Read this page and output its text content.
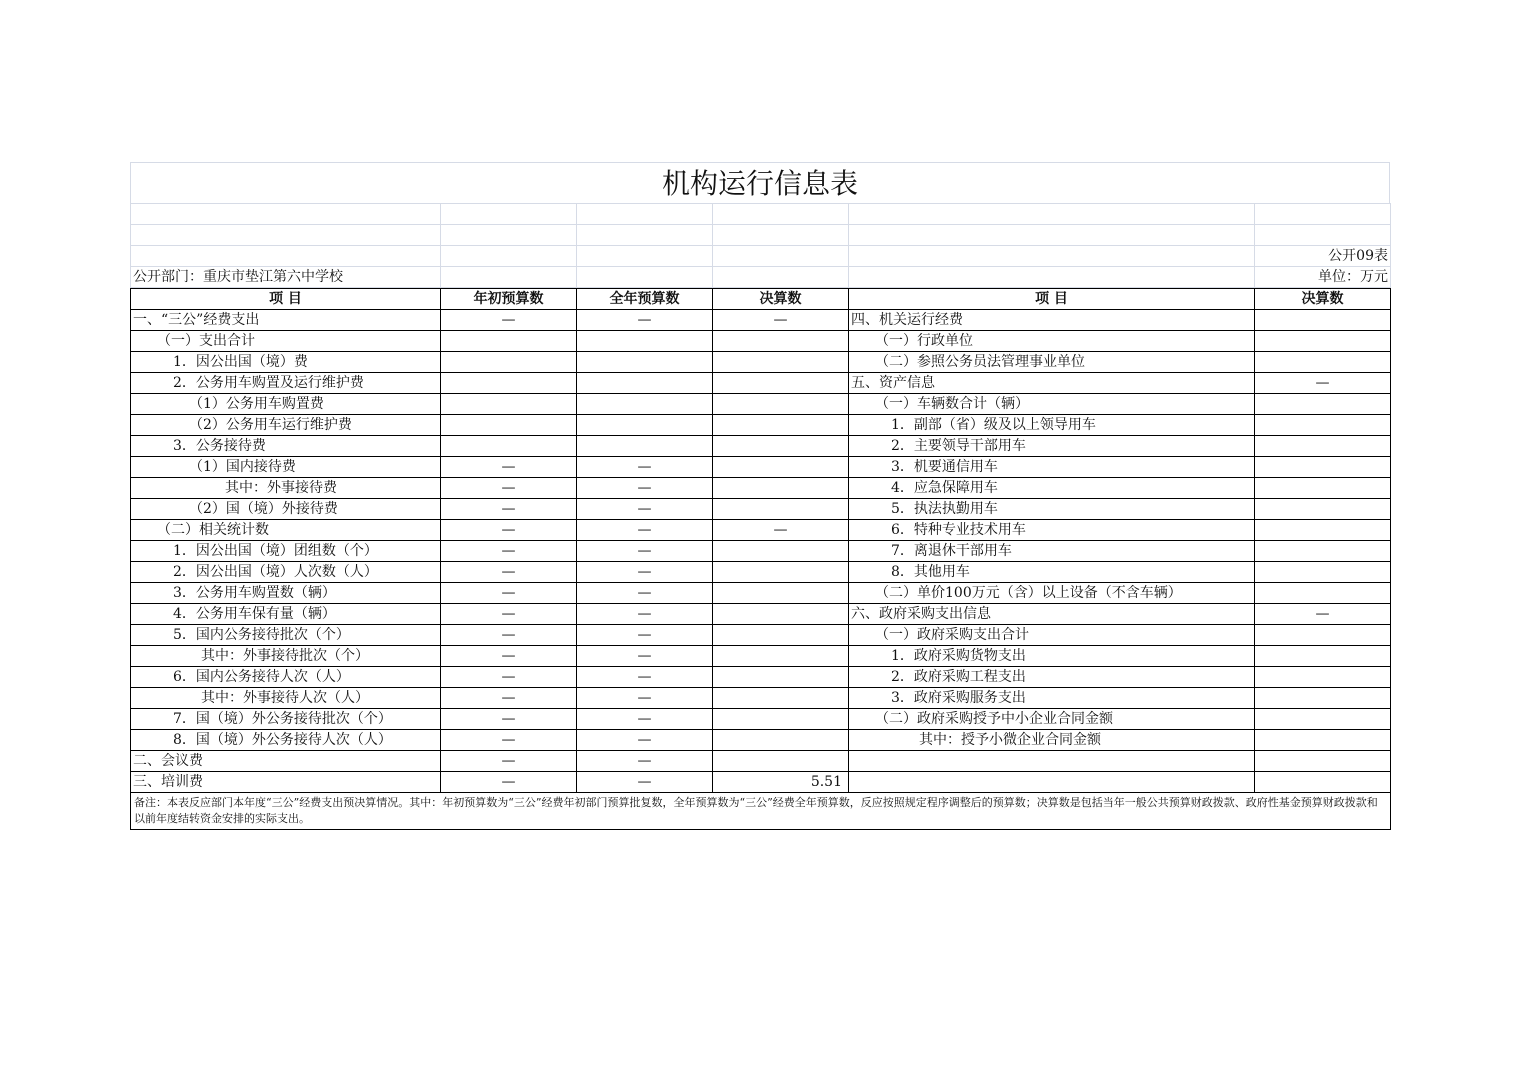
机构运行信息表

					公开09表
公开部门：重庆市垫江第六中学校					单位：万元
项 目	年初预算数	全年预算数	决算数	项 目	决算数
一、“三公”经费支出	—	—	—	四、机关运行经费	
（一）支出合计				（一）行政单位	
1．因公出国（境）费				（二）参照公务员法管理事业单位	
2．公务用车购置及运行维护费				五、资产信息	—
（1）公务用车购置费				（一）车辆数合计（辆）	
（2）公务用车运行维护费				1．副部（省）级及以上领导用车	
3．公务接待费				2．主要领导干部用车	
（1）国内接待费	—	—		3．机要通信用车	
其中：外事接待费	—	—		4．应急保障用车	
（2）国（境）外接待费	—	—		5．执法执勤用车	
（二）相关统计数	—	—	—	6．特种专业技术用车	
1．因公出国（境）团组数（个）	—	—		7．离退休干部用车	
2．因公出国（境）人次数（人）	—	—		8．其他用车	
3．公务用车购置数（辆）	—	—		（二）单价100万元（含）以上设备（不含车辆）	
4．公务用车保有量（辆）	—	—		六、政府采购支出信息	—
5．国内公务接待批次（个）	—	—		（一）政府采购支出合计	
其中：外事接待批次（个）	—	—		1．政府采购货物支出	
6．国内公务接待人次（人）	—	—		2．政府采购工程支出	
其中：外事接待人次（人）	—	—		3．政府采购服务支出	
7．国（境）外公务接待批次（个）	—	—		（二）政府采购授予中小企业合同金额	
8．国（境）外公务接待人次（人）	—	—		其中：授予小微企业合同金额	
二、会议费	—	—			
三、培训费	—	—	5.51		
备注：本表反应部门本年度“三公”经费支出预决算情况。其中：年初预算数为“三公”经费年初部门预算批复数，全年预算数为“三公”经费全年预算数，反应按照规定程序调整后的预算数；决算数是包括当年一般公共预算财政拨款、政府性基金预算财政拨款和以前年度结转资金安排的实际支出。					
